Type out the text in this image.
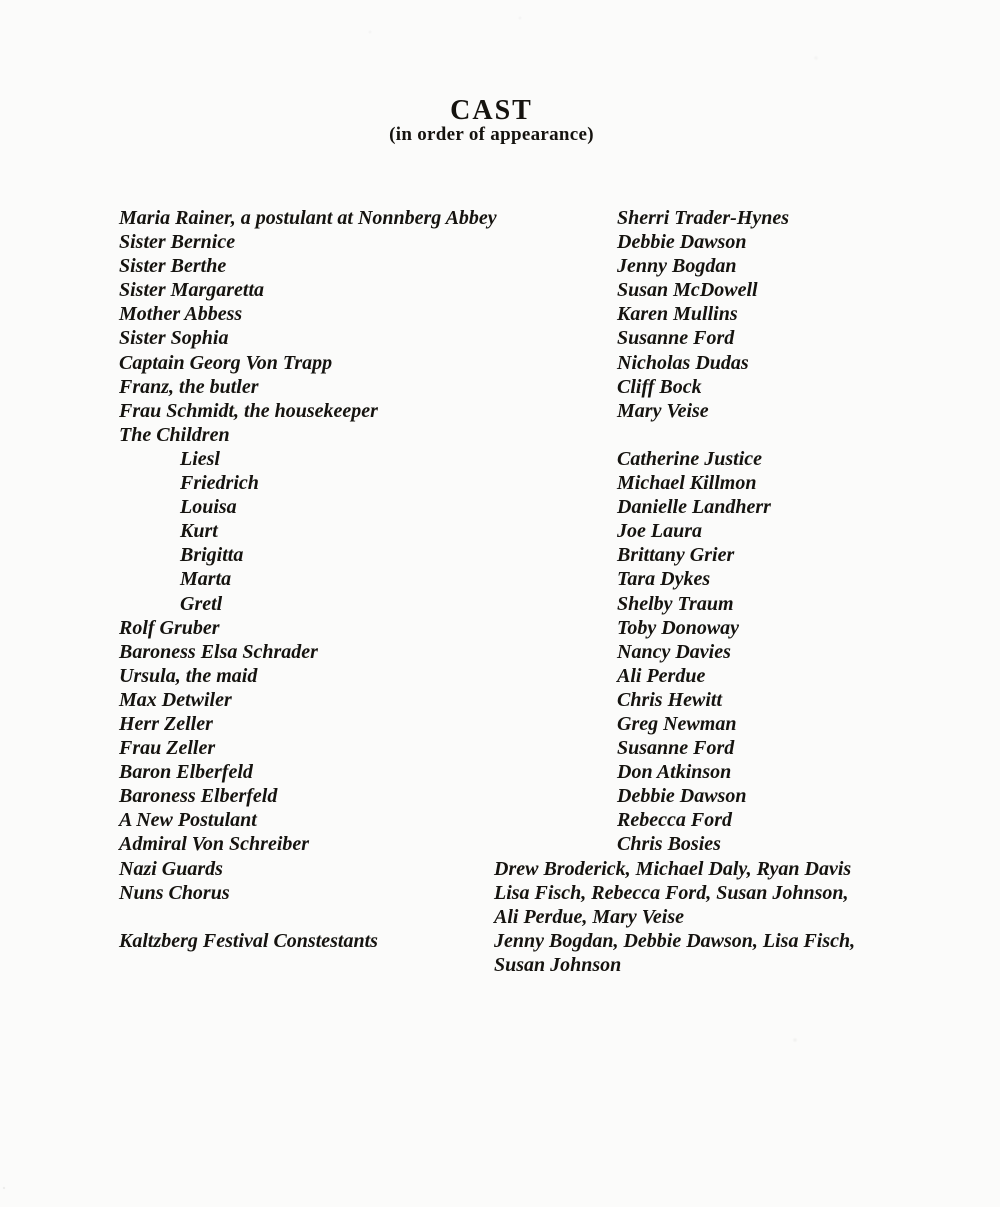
CAST
(in order of appearance)
Maria Rainer, a postulant at Nonnberg Abbey	Sherri Trader-Hynes
Sister Bernice	Debbie Dawson
Sister Berthe	Jenny Bogdan
Sister Margaretta	Susan McDowell
Mother Abbess	Karen Mullins
Sister Sophia	Susanne Ford
Captain Georg Von Trapp	Nicholas Dudas
Franz, the butler	Cliff Bock
Frau Schmidt, the housekeeper	Mary Veise
The Children
Liesl	Catherine Justice
Friedrich	Michael Killmon
Louisa	Danielle Landherr
Kurt	Joe Laura
Brigitta	Brittany Grier
Marta	Tara Dykes
Gretl	Shelby Traum
Rolf Gruber	Toby Donoway
Baroness Elsa Schrader	Nancy Davies
Ursula, the maid	Ali Perdue
Max Detwiler	Chris Hewitt
Herr Zeller	Greg Newman
Frau Zeller	Susanne Ford
Baron Elberfeld	Don Atkinson
Baroness Elberfeld	Debbie Dawson
A New Postulant	Rebecca Ford
Admiral Von Schreiber	Chris Bosies
Nazi Guards	Drew Broderick, Michael Daly, Ryan Davis
Nuns Chorus	Lisa Fisch, Rebecca Ford, Susan Johnson,
Ali Perdue, Mary Veise
Kaltzberg Festival Constestants	Jenny Bogdan, Debbie Dawson, Lisa Fisch,
Susan Johnson
